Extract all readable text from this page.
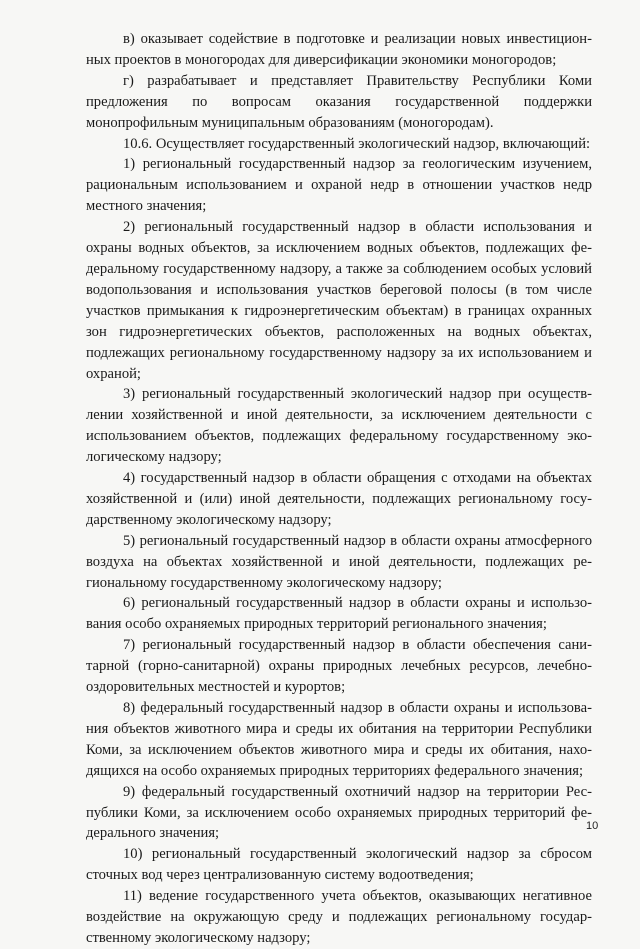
в) оказывает содействие в подготовке и реализации новых инвестиционных проектов в моногородах для диверсификации экономики моногородов;

г) разрабатывает и представляет Правительству Республики Коми предложения по вопросам оказания государственной поддержки монопрофильным муниципальным образованиям (моногородам).

10.6. Осуществляет государственный экологический надзор, включающий:

1) региональный государственный надзор за геологическим изучением, рациональным использованием и охраной недр в отношении участков недр местного значения;

2) региональный государственный надзор в области использования и охраны водных объектов, за исключением водных объектов, подлежащих федеральному государственному надзору, а также за соблюдением особых условий водопользования и использования участков береговой полосы (в том числе участков примыкания к гидроэнергетическим объектам) в границах охранных зон гидроэнергетических объектов, расположенных на водных объектах, подлежащих региональному государственному надзору за их использованием и охраной;

3) региональный государственный экологический надзор при осуществлении хозяйственной и иной деятельности, за исключением деятельности с использованием объектов, подлежащих федеральному государственному экологическому надзору;

4) государственный надзор в области обращения с отходами на объектах хозяйственной и (или) иной деятельности, подлежащих региональному государственному экологическому надзору;

5) региональный государственный надзор в области охраны атмосферного воздуха на объектах хозяйственной и иной деятельности, подлежащих региональному государственному экологическому надзору;

6) региональный государственный надзор в области охраны и использования особо охраняемых природных территорий регионального значения;

7) региональный государственный надзор в области обеспечения санитарной (горно-санитарной) охраны природных лечебных ресурсов, лечебнооздоровительных местностей и курортов;

8) федеральный государственный надзор в области охраны и использования объектов животного мира и среды их обитания на территории Республики Коми, за исключением объектов животного мира и среды их обитания, находящихся на особо охраняемых природных территориях федерального значения;

9) федеральный государственный охотничий надзор на территории Республики Коми, за исключением особо охраняемых природных территорий федерального значения;

10) региональный государственный экологический надзор за сбросом сточных вод через централизованную систему водоотведения;

11) ведение государственного учета объектов, оказывающих негативное воздействие на окружающую среду и подлежащих региональному государственному экологическому надзору;

10
